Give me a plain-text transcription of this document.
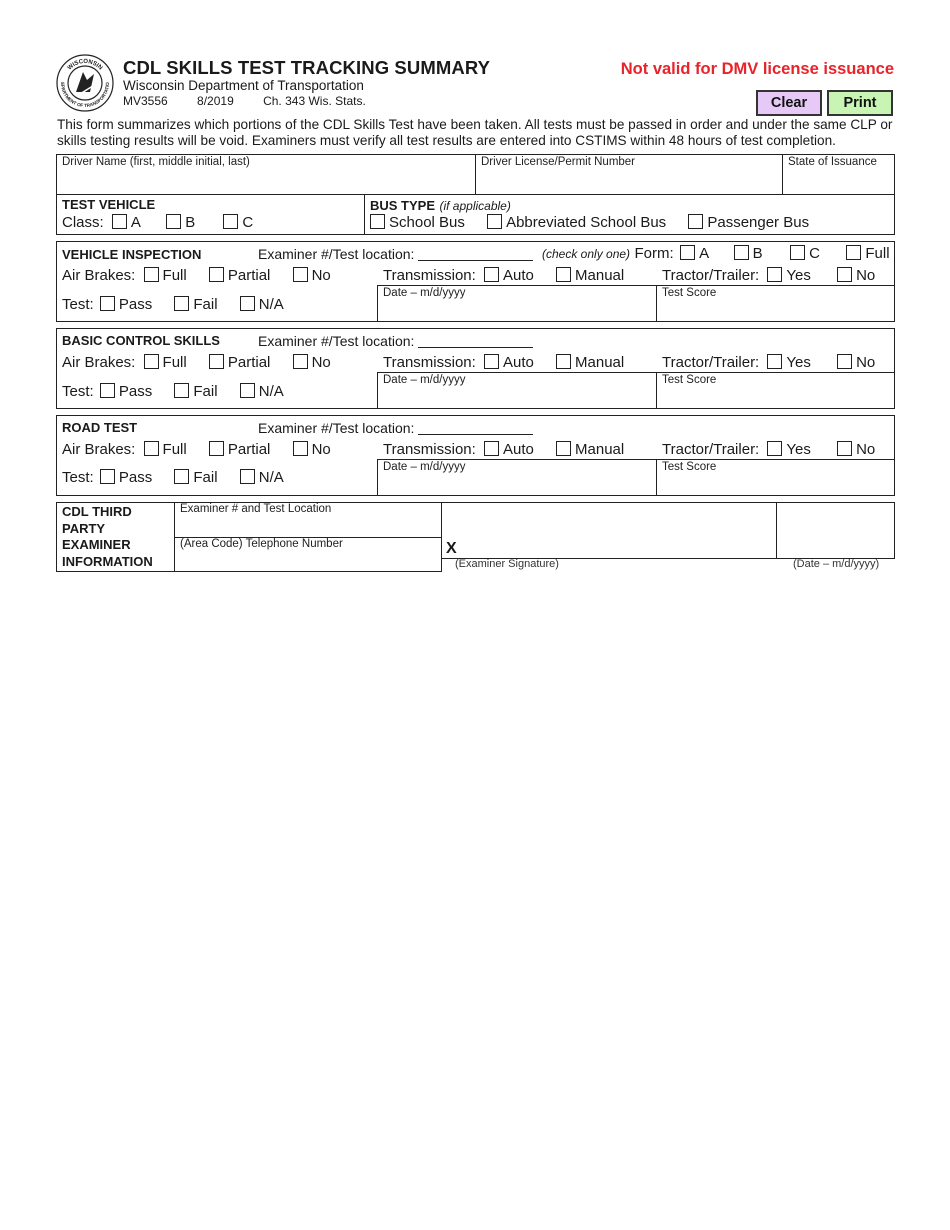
WISCONSIN
EPARTMENT OF TRANSPORTATIO
CDL SKILLS TEST TRACKING SUMMARY
Wisconsin Department of Transportation
MV3556 8/2019 Ch. 343 Wis. Stats.
Not valid for DMV license issuance
Clear	Print
This form summarizes which portions of the CDL Skills Test have been taken. All tests must be passed in order and under the same CLP or skills testing results will be void. Examiners must verify all test results are entered into CSTIMS within 48 hours of test completion.
Driver Name (first, middle initial, last)	Driver License/Permit Number	State of Issuance
TEST VEHICLE
Class: A	B	C
BUS TYPE (if applicable)
School Bus	Abbreviated School Bus	Passenger Bus
VEHICLE INSPECTION	Examiner #/Test location:	(check only one) Form: A	B	C	Full
Air Brakes: Full	Partial	No	Transmission: Auto	Manual	Tractor/Trailer: Yes	No
Test: Pass	Fail	N/A
Date – m/d/yyyy	Test Score
BASIC CONTROL SKILLS	Examiner #/Test location:
Air Brakes: Full	Partial	No	Transmission: Auto	Manual	Tractor/Trailer: Yes	No
Test: Pass	Fail	N/A
Date – m/d/yyyy	Test Score
ROAD TEST	Examiner #/Test location:
Air Brakes: Full	Partial	No	Transmission: Auto	Manual	Tractor/Trailer: Yes	No
Test: Pass	Fail	N/A
Date – m/d/yyyy	Test Score
CDL THIRD
PARTY
EXAMINER
INFORMATION
Examiner # and Test Location
(Area Code) Telephone Number	X
(Examiner Signature)	(Date – m/d/yyyy)
